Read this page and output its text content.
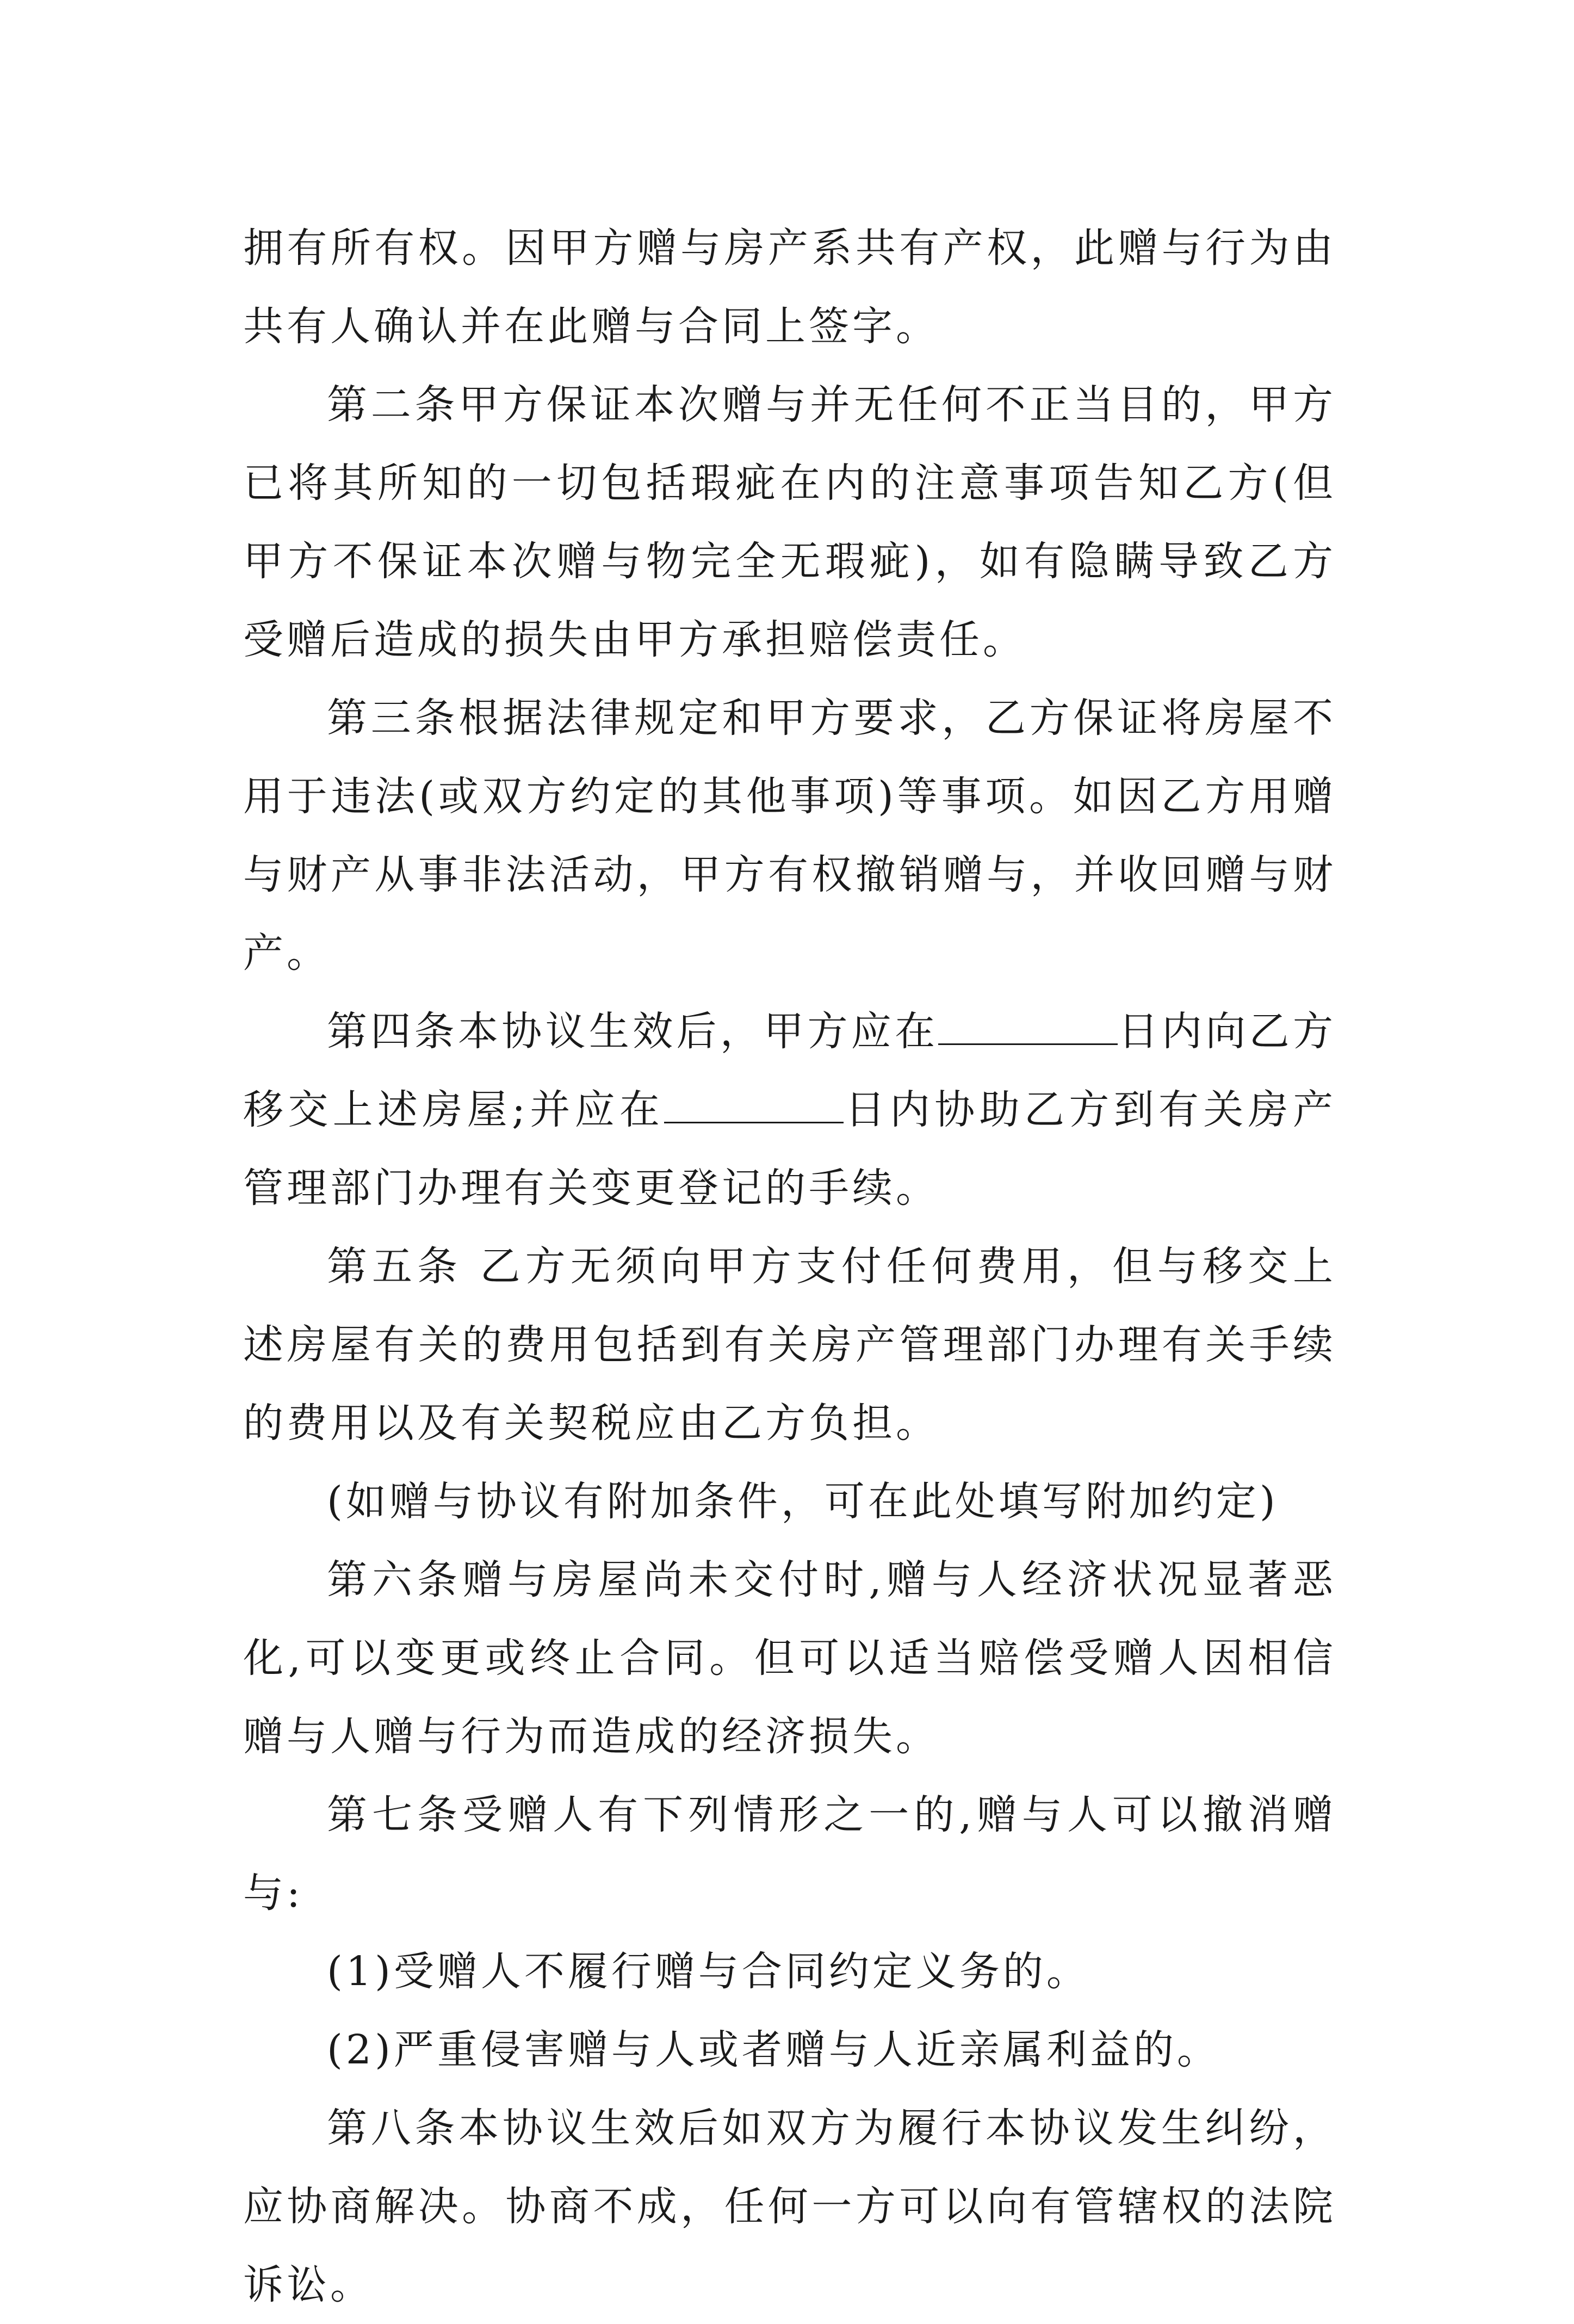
拥有所有权。因甲方赠与房产系共有产权，此赠与行为由共有人确认并在此赠与合同上签字。

第二条甲方保证本次赠与并无任何不正当目的，甲方已将其所知的一切包括瑕疵在内的注意事项告知乙方(但甲方不保证本次赠与物完全无瑕疵)，如有隐瞒导致乙方受赠后造成的损失由甲方承担赔偿责任。

第三条根据法律规定和甲方要求，乙方保证将房屋不用于违法(或双方约定的其他事项)等事项。如因乙方用赠与财产从事非法活动，甲方有权撤销赠与，并收回赠与财产。

第四条本协议生效后，甲方应在	日内向乙方移交上述房屋;并应在	日内协助乙方到有关房产管理部门办理有关变更登记的手续。

第五条 乙方无须向甲方支付任何费用，但与移交上述房屋有关的费用包括到有关房产管理部门办理有关手续的费用以及有关契税应由乙方负担。

(如赠与协议有附加条件，可在此处填写附加约定)

第六条赠与房屋尚未交付时,赠与人经济状况显著恶化,可以变更或终止合同。但可以适当赔偿受赠人因相信赠与人赠与行为而造成的经济损失。

第七条受赠人有下列情形之一的,赠与人可以撤消赠与:

(1)受赠人不履行赠与合同约定义务的。

(2)严重侵害赠与人或者赠与人近亲属利益的。

第八条本协议生效后如双方为履行本协议发生纠纷，应协商解决。协商不成，任何一方可以向有管辖权的法院诉讼。
